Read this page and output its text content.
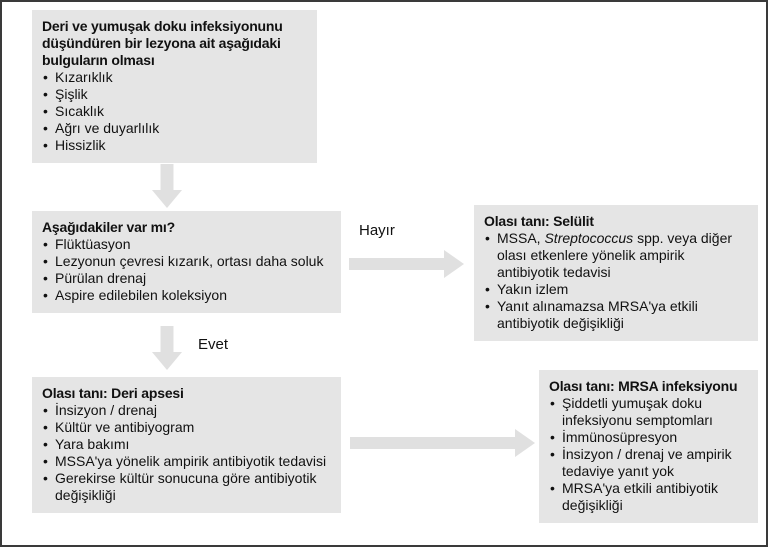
Deri ve yumuşak doku infeksiyonunu düşündüren bir lezyona ait aşağıdaki bulguların olması
• Kızarıklık
• Şişlik
• Sıcaklık
• Ağrı ve duyarlılık
• Hissizlik
Aşağıdakiler var mı?
• Flüktüasyon
• Lezyonun çevresi kızarık, ortası daha soluk
• Pürülan drenaj
• Aspire edilebilen koleksiyon
Hayır
Olası tanı: Selülit
• MSSA, Streptococcus spp. veya diğer olası etkenlere yönelik ampirik antibiyotik tedavisi
• Yakın izlem
• Yanıt alınamazsa MRSA'ya etkili antibiyotik değişikliği
Evet
Olası tanı: Deri apsesi
• İnsizyon / drenaj
• Kültür ve antibiyogram
• Yara bakımı
• MSSA'ya yönelik ampirik antibiyotik tedavisi
• Gerekirse kültür sonucuna göre antibiyotik değişikliği
Olası tanı: MRSA infeksiyonu
• Şiddetli yumuşak doku infeksiyonu semptomları
• İmmünosüpresyon
• İnsizyon / drenaj ve ampirik tedaviye yanıt yok
• MRSA'ya etkili antibiyotik değişikliği
